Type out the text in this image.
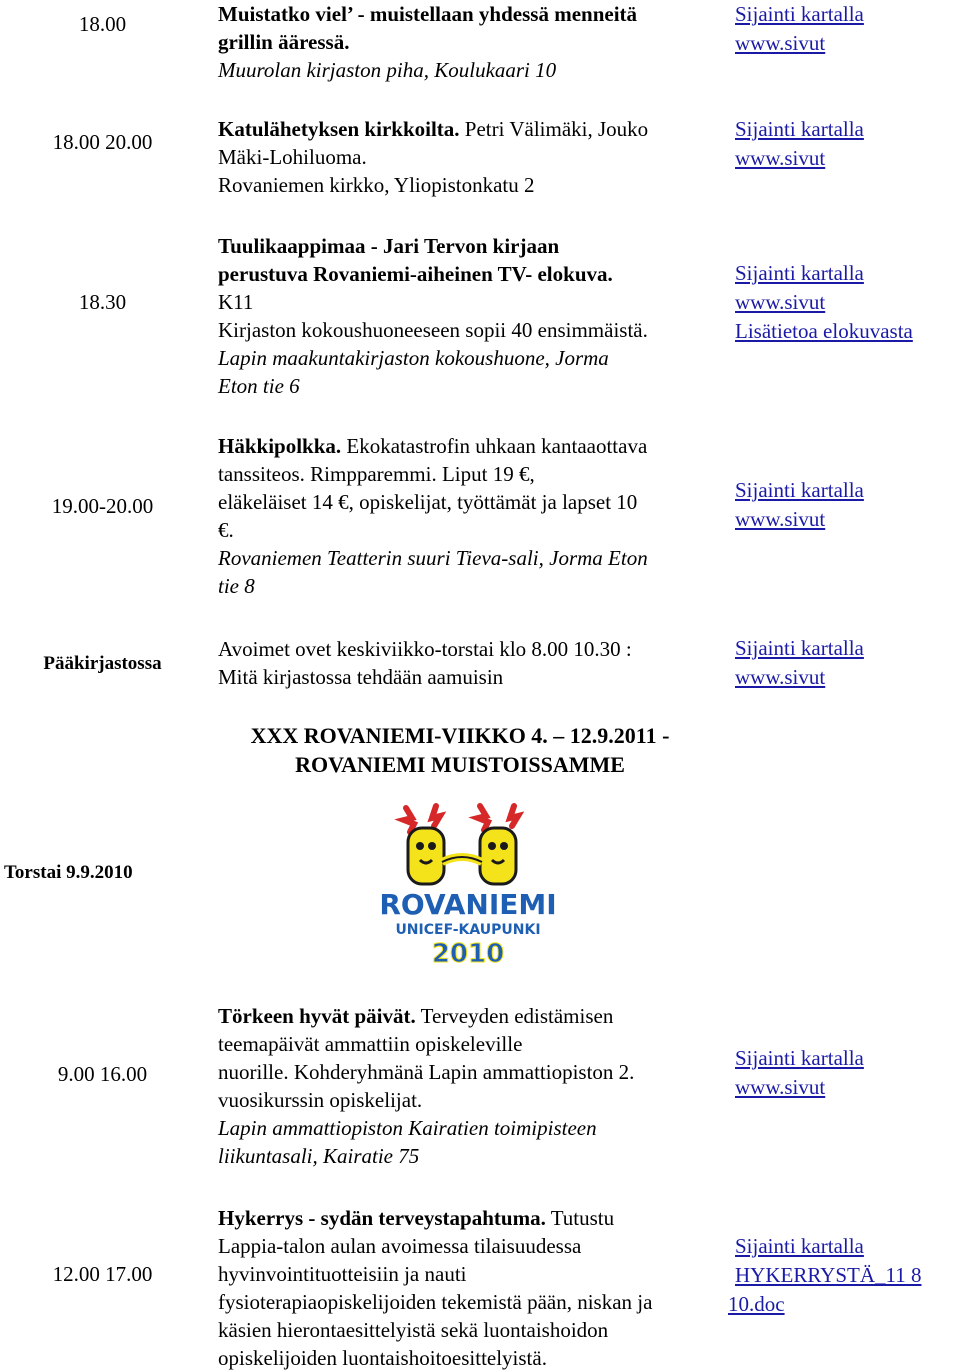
18.00	Muistatko viel’ - muistellaan yhdessä menneitä
grillin ääressä.
Muurolan kirjaston piha, Koulukaari 10
Sijainti kartalla
www.sivut
18.00 20.00
Katulähetyksen kirkkoilta. Petri Välimäki, Jouko
Mäki-Lohiluoma.
Rovaniemen kirkko, Yliopistonkatu 2
Sijainti kartalla
www.sivut
18.30
Tuulikaappimaa - Jari Tervon kirjaan
perustuva Rovaniemi-aiheinen TV- elokuva.
K11
Kirjaston kokoushuoneeseen sopii 40 ensimmäistä.
Lapin maakuntakirjaston kokoushuone, Jorma
Eton tie 6
Sijainti kartalla
www.sivut
Lisätietoa elokuvasta
19.00-20.00
Häkkipolkka. Ekokatastrofin uhkaan kantaaottava
tanssiteos. Rimpparemmi. Liput 19 €,
eläkeläiset 14 €, opiskelijat, työttämät ja lapset 10
€.
Rovaniemen Teatterin suuri Tieva-sali, Jorma Eton
tie 8
Sijainti kartalla
www.sivut
Pääkirjastossa
Avoimet ovet keskiviikko-torstai klo 8.00 10.30 :
Mitä kirjastossa tehdään aamuisin
Sijainti kartalla
www.sivut
XXX ROVANIEMI-VIIKKO 4. – 12.9.2011 -
ROVANIEMI MUISTOISSAMME
Torstai 9.9.2010
ROVANIEMI
UNICEF-KAUPUNKI
2010
9.00 16.00
Törkeen hyvät päivät. Terveyden edistämisen
teemapäivät ammattiin opiskeleville
nuorille. Kohderyhmänä Lapin ammattiopiston 2.
vuosikurssin opiskelijat.
Lapin ammattiopiston Kairatien toimipisteen
liikuntasali, Kairatie 75
Sijainti kartalla
www.sivut
12.00 17.00
Hykerrys - sydän terveystapahtuma. Tutustu
Lappia-talon aulan avoimessa tilaisuudessa
hyvinvointituotteisiin ja nauti
fysioterapiaopiskelijoiden tekemistä pään, niskan ja
käsien hierontaesittelyistä sekä luontaishoidon
opiskelijoiden luontaishoitoesittelyistä.
Sijainti kartalla
HYKERRYSTÄ_11 8
10.doc
